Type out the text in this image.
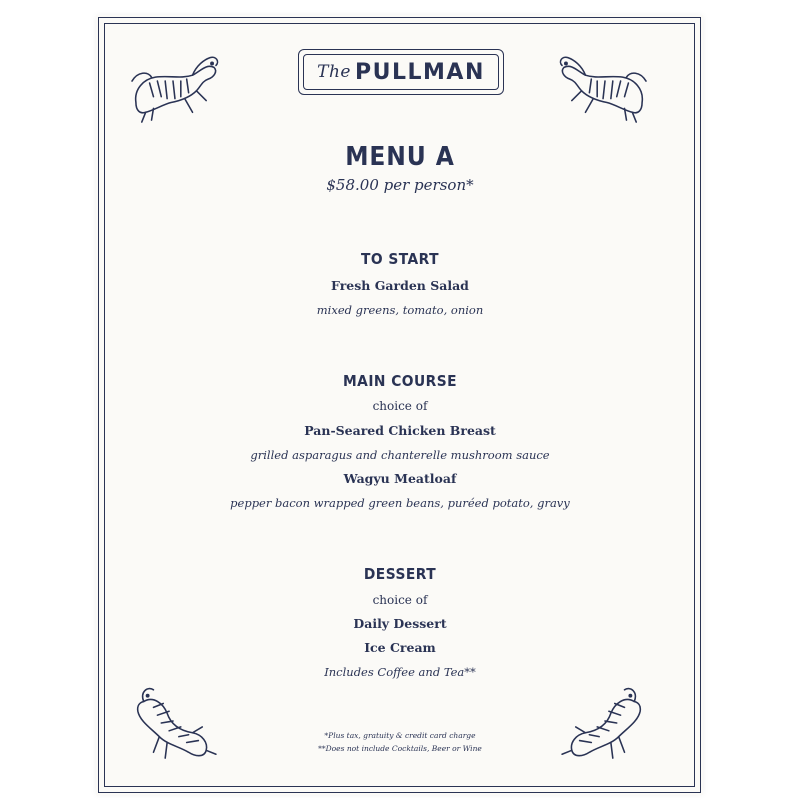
The PULLMAN
MENU A
$58.00 per person*
TO START
Fresh Garden Salad
mixed greens, tomato, onion
MAIN COURSE
choice of
Pan-Seared Chicken Breast
grilled asparagus and chanterelle mushroom sauce
Wagyu Meatloaf
pepper bacon wrapped green beans, puréed potato, gravy
DESSERT
choice of
Daily Dessert
Ice Cream
Includes Coffee and Tea**
*Plus tax, gratuity & credit card charge
**Does not include Cocktails, Beer or Wine
